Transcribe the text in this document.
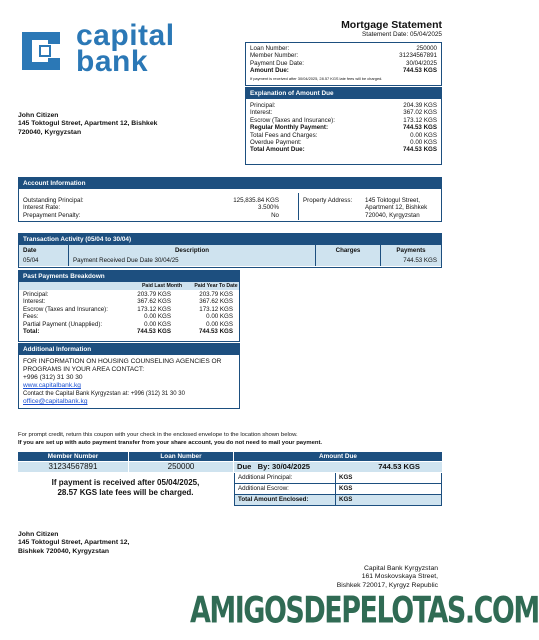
capital
bank
Mortgage Statement
Statement Date: 05/04/2025
Loan Number:	250000
Member Number:	31234567891
Payment Due Date:	30/04/2025
Amount Due:	744.53 KGS
If payment is received after 30/04/2025, 28.57 KGS late fees will be charged.
Explanation of Amount Due
Principal:	204.39 KGS
Interest:	367.02 KGS
Escrow (Taxes and Insurance):	173.12 KGS
Regular Monthly Payment:	744.53 KGS
Total Fees and Charges:	0.00 KGS
Overdue Payment:	0.00 KGS
Total Amount Due:	744.53 KGS
John Citizen
145 Toktogul Street, Apartment 12, Bishkek
720040, Kyrgyzstan
Account Information
Outstanding Principal:	125,835.84 KGS
Interest Rate:	3.500%
Prepayment Penalty:	No
Property Address: 145 Toktogul Street,
Apartment 12, Bishkek
720040, Kyrgyzstan
Transaction Activity (05/04 to 30/04)
Date	Description	Charges	Payments
05/04	Payment Received Due Date 30/04/25		744.53 KGS
Past Payments Breakdown
Paid Last Month	Paid Year To Date
Principal:	203.79 KGS	203.79 KGS
Interest:	367.62 KGS	367.62 KGS
Escrow (Taxes and Insurance):	173.12 KGS	173.12 KGS
Fees:	0.00 KGS	0.00 KGS
Partial Payment (Unapplied):	0.00 KGS	0.00 KGS
Total:	744.53 KGS	744.53 KGS
Additional Information
FOR INFORMATION ON HOUSING COUNSELING AGENCIES OR
PROGRAMS IN YOUR AREA CONTACT:
+996 (312) 31 30 30
www.capitalbank.kg
Contact the Capital Bank Kyrgyzstan at: +996 (312) 31 30 30
office@capitalbank.kg
For prompt credit, return this coupon with your check in the enclosed envelope to the location shown below.
If you are set up with auto payment transfer from your share account, you do not need to mail your payment.
Member Number	Loan Number	Amount Due
31234567891	250000	Due   By: 30/04/2025	744.53 KGS
If payment is received after 05/04/2025,
28.57 KGS late fees will be charged.
Additional Principal:	KGS
Additional Escrow:	KGS
Total Amount Enclosed:	KGS
John Citizen
145 Toktogul Street, Apartment 12,
Bishkek 720040, Kyrgyzstan
Capital Bank Kyrgyzstan
161 Moskovskaya Street,
Bishkek 720017, Kyrgyz Republic
AMIGOSDEPELOTAS.COM
